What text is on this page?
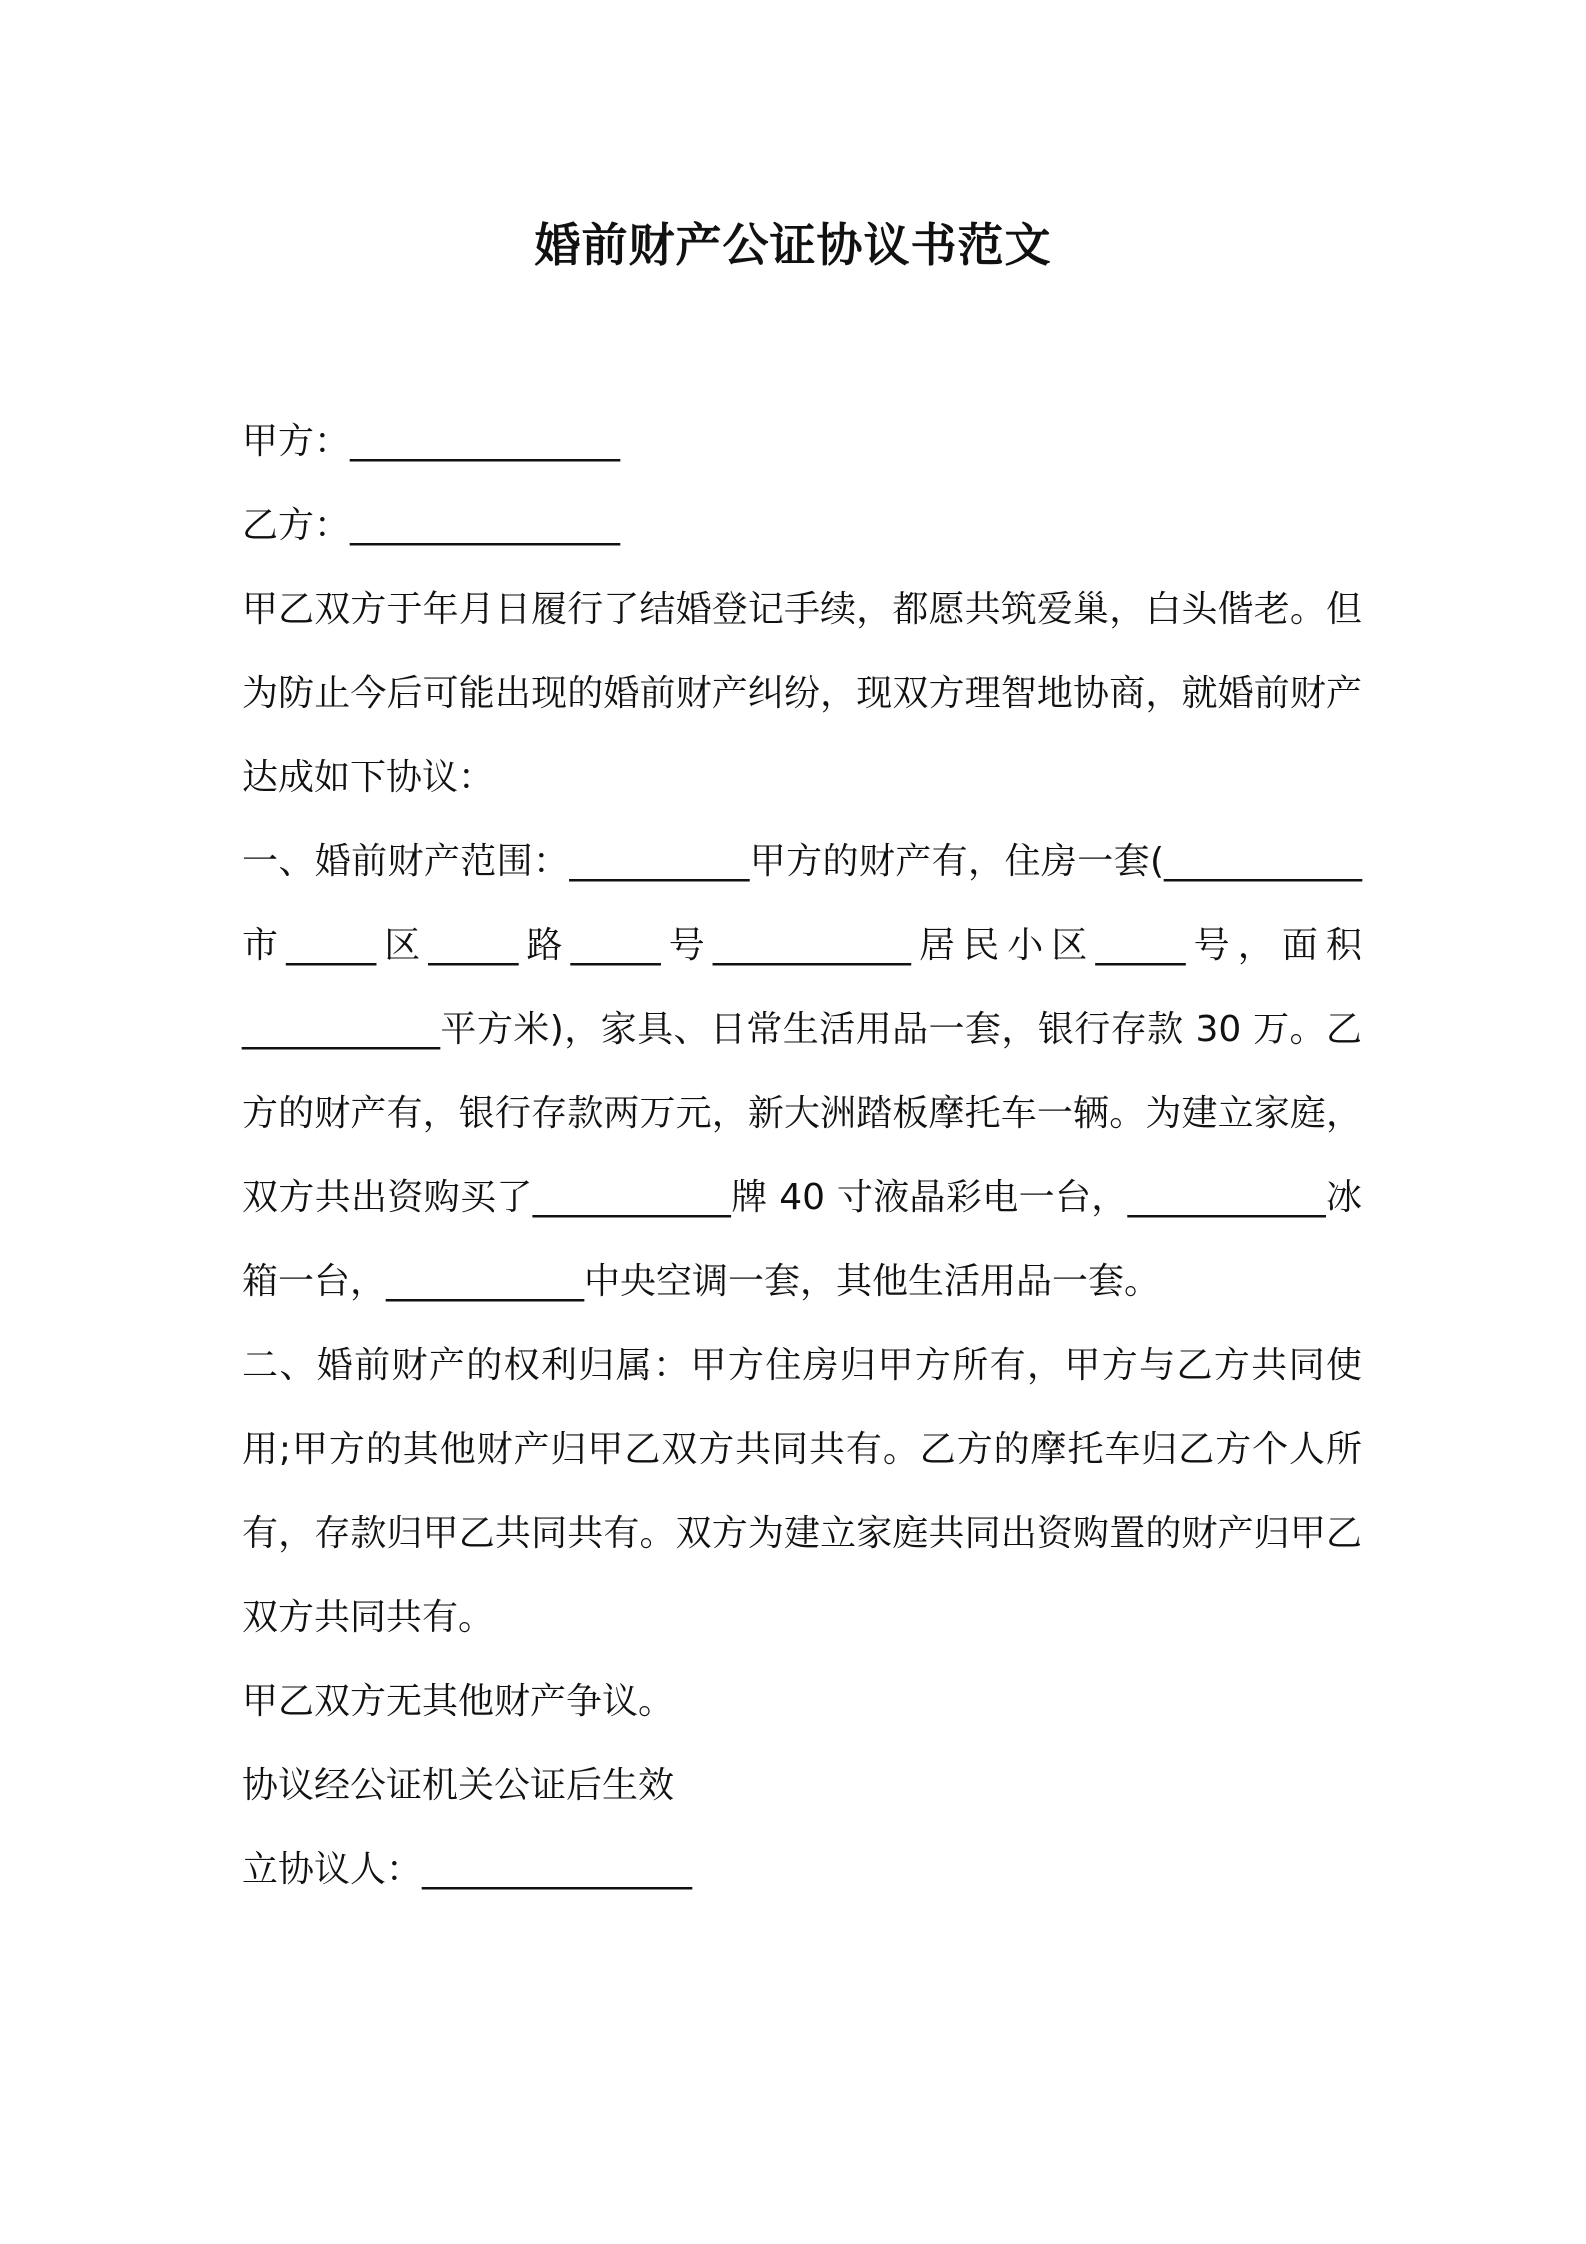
婚前财产公证协议书范文
甲方：_______________
乙方：_______________
甲乙双方于年月日履行了结婚登记手续，都愿共筑爱巢，白头偕老。但为防止今后可能出现的婚前财产纠纷，现双方理智地协商，就婚前财产达成如下协议：
一、婚前财产范围：__________甲方的财产有，住房一套(___________市_____区_____路_____号___________居民小区_____号，面积___________平方米)，家具、日常生活用品一套，银行存款 30 万。乙方的财产有，银行存款两万元，新大洲踏板摩托车一辆。为建立家庭，双方共出资购买了___________牌 40 寸液晶彩电一台，___________冰箱一台，___________中央空调一套，其他生活用品一套。
二、婚前财产的权利归属：甲方住房归甲方所有，甲方与乙方共同使用;甲方的其他财产归甲乙双方共同共有。乙方的摩托车归乙方个人所有，存款归甲乙共同共有。双方为建立家庭共同出资购置的财产归甲乙双方共同共有。
甲乙双方无其他财产争议。
协议经公证机关公证后生效
立协议人：_______________
